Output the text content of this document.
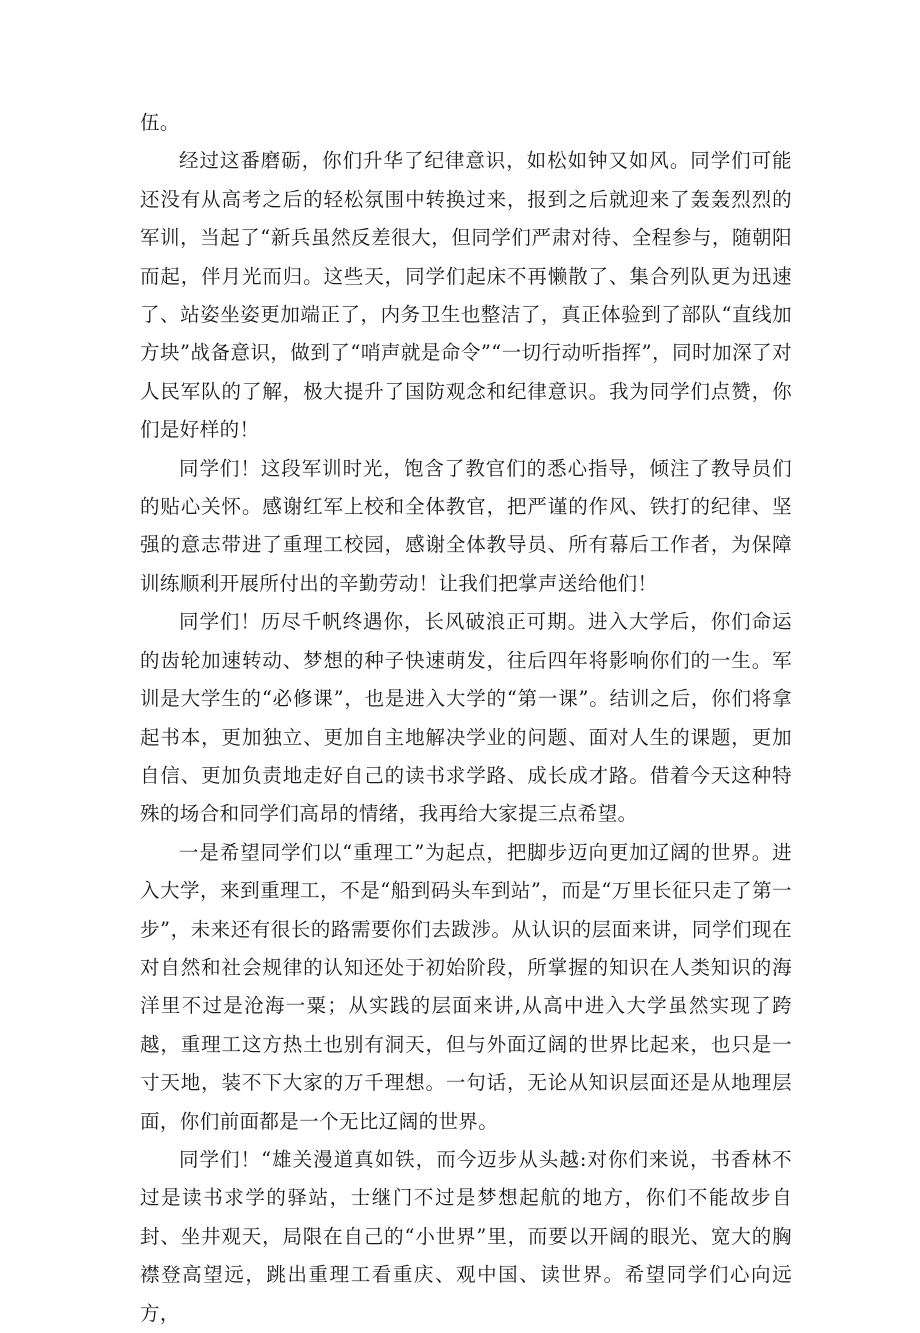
伍。

经过这番磨砺，你们升华了纪律意识，如松如钟又如风。同学们可能还没有从高考之后的轻松氛围中转换过来，报到之后就迎来了轰轰烈烈的军训，当起了“新兵虽然反差很大，但同学们严肃对待、全程参与，随朝阳而起，伴月光而归。这些天，同学们起床不再懒散了、集合列队更为迅速了、站姿坐姿更加端正了，内务卫生也整洁了，真正体验到了部队“直线加方块”战备意识，做到了“哨声就是命令”“一切行动听指挥”，同时加深了对人民军队的了解，极大提升了国防观念和纪律意识。我为同学们点赞，你们是好样的！

同学们！这段军训时光，饱含了教官们的悉心指导，倾注了教导员们的贴心关怀。感谢红军上校和全体教官，把严谨的作风、铁打的纪律、坚强的意志带进了重理工校园，感谢全体教导员、所有幕后工作者，为保障训练顺利开展所付出的辛勤劳动！让我们把掌声送给他们！

同学们！历尽千帆终遇你，长风破浪正可期。进入大学后，你们命运的齿轮加速转动、梦想的种子快速萌发，往后四年将影响你们的一生。军训是大学生的“必修课”，也是进入大学的“第一课”。结训之后，你们将拿起书本，更加独立、更加自主地解决学业的问题、面对人生的课题，更加自信、更加负责地走好自己的读书求学路、成长成才路。借着今天这种特殊的场合和同学们高昂的情绪，我再给大家提三点希望。

一是希望同学们以“重理工”为起点，把脚步迈向更加辽阔的世界。进入大学，来到重理工，不是“船到码头车到站”，而是“万里长征只走了第一步”，未来还有很长的路需要你们去跋涉。从认识的层面来讲，同学们现在对自然和社会规律的认知还处于初始阶段，所掌握的知识在人类知识的海洋里不过是沧海一粟；从实践的层面来讲,从高中进入大学虽然实现了跨越，重理工这方热土也别有洞天，但与外面辽阔的世界比起来，也只是一寸天地，装不下大家的万千理想。一句话，无论从知识层面还是从地理层面，你们前面都是一个无比辽阔的世界。

同学们！“雄关漫道真如铁，而今迈步从头越:对你们来说，书香林不过是读书求学的驿站，士继门不过是梦想起航的地方，你们不能故步自封、坐井观天，局限在自己的“小世界”里，而要以开阔的眼光、宽大的胸襟登高望远，跳出重理工看重庆、观中国、读世界。希望同学们心向远方，
